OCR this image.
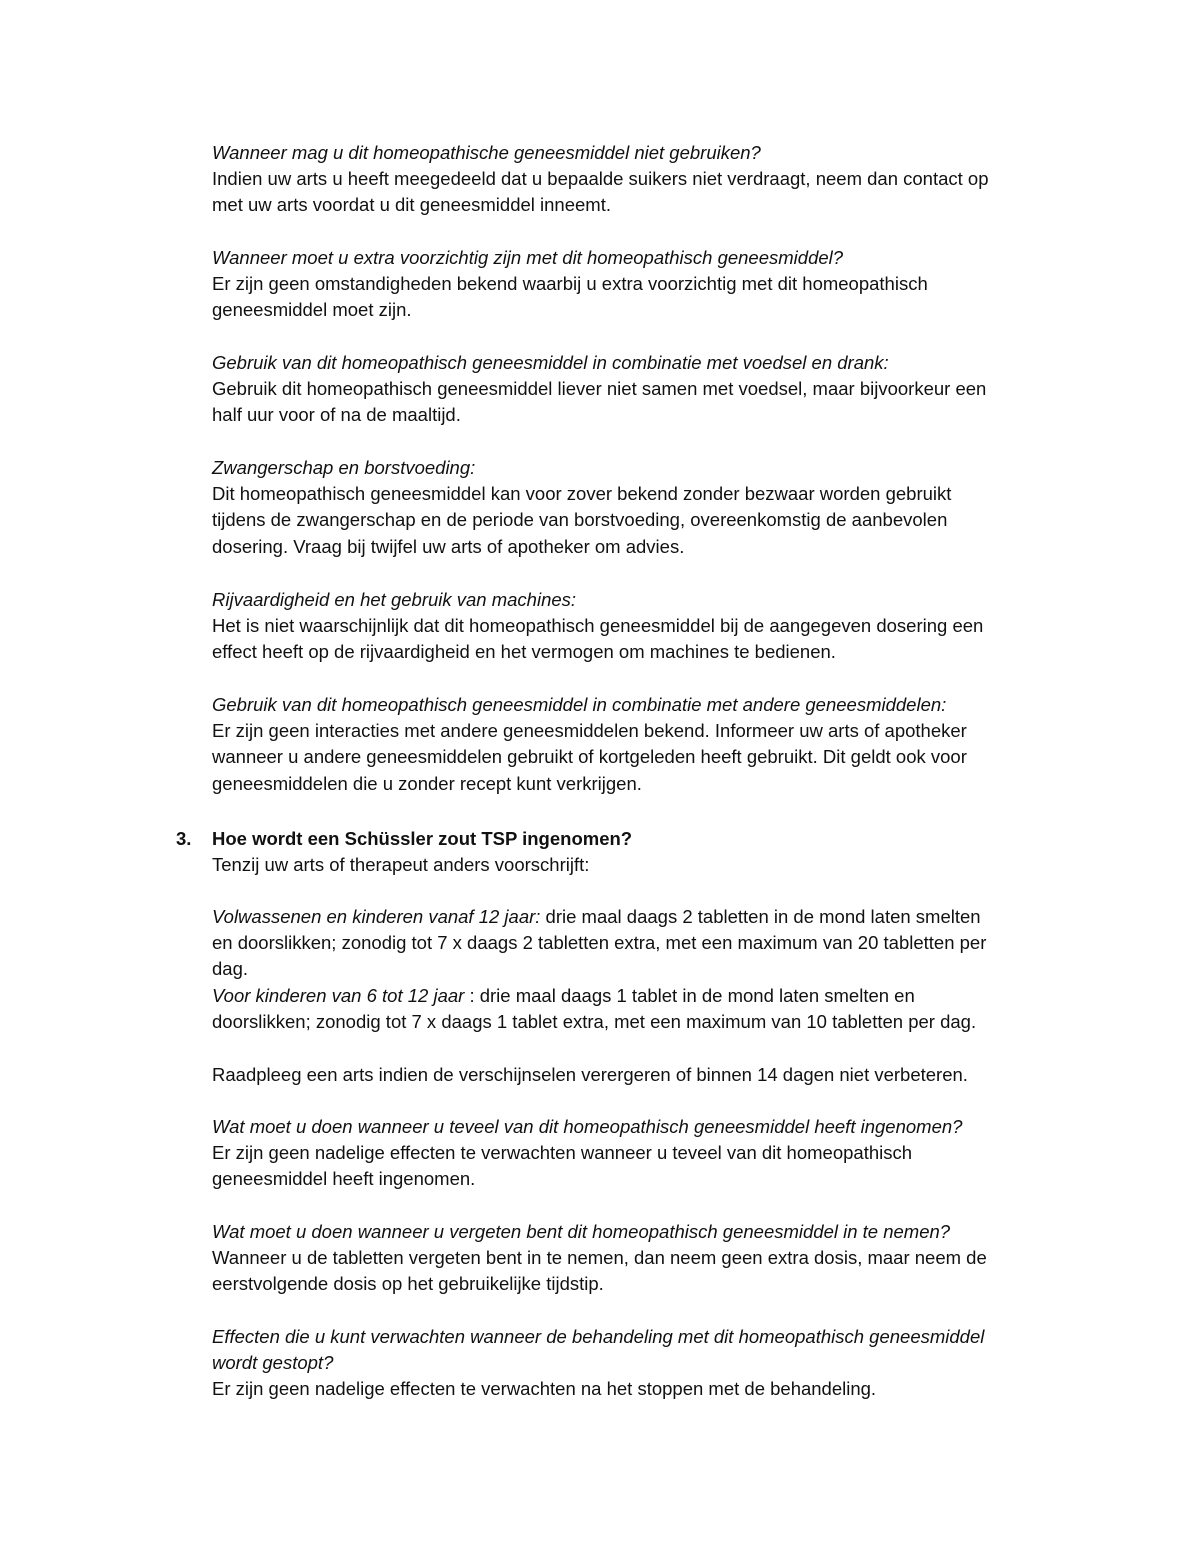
Wanneer mag u dit homeopathische geneesmiddel niet gebruiken?
Indien uw arts u heeft meegedeeld dat u bepaalde suikers niet verdraagt, neem dan contact op
met uw arts voordat u dit geneesmiddel inneemt.
Wanneer moet u extra voorzichtig zijn met dit homeopathisch geneesmiddel?
Er zijn geen omstandigheden bekend waarbij u extra voorzichtig met dit homeopathisch
geneesmiddel moet zijn.
Gebruik van dit homeopathisch geneesmiddel in combinatie met voedsel en drank:
Gebruik dit homeopathisch geneesmiddel liever niet samen met voedsel, maar bijvoorkeur een
half uur voor of na de maaltijd.
Zwangerschap en borstvoeding:
Dit homeopathisch geneesmiddel kan voor zover bekend zonder bezwaar worden gebruikt
tijdens de zwangerschap en de periode van borstvoeding, overeenkomstig de aanbevolen
dosering. Vraag bij twijfel uw arts of apotheker om advies.
Rijvaardigheid en het gebruik van machines:
Het is niet waarschijnlijk dat dit homeopathisch geneesmiddel bij de aangegeven dosering een
effect heeft op de rijvaardigheid en het vermogen om machines te bedienen.
Gebruik van dit homeopathisch geneesmiddel in combinatie met andere geneesmiddelen:
Er zijn geen interacties met andere geneesmiddelen bekend. Informeer uw arts of apotheker
wanneer u andere geneesmiddelen gebruikt of kortgeleden heeft gebruikt. Dit geldt ook voor
geneesmiddelen die u zonder recept kunt verkrijgen.
3. Hoe wordt een Schüssler zout TSP ingenomen?
Tenzij uw arts of therapeut anders voorschrijft:
Volwassenen en kinderen vanaf 12 jaar: drie maal daags 2 tabletten in de mond laten smelten
en doorslikken; zonodig tot 7 x daags 2 tabletten extra, met een maximum van 20 tabletten per
dag.
Voor kinderen van 6 tot 12 jaar : drie maal daags 1 tablet in de mond laten smelten en
doorslikken; zonodig tot 7 x daags 1 tablet extra, met een maximum van 10 tabletten per dag.
Raadpleeg een arts indien de verschijnselen verergeren of binnen 14 dagen niet verbeteren.
Wat moet u doen wanneer u teveel van dit homeopathisch geneesmiddel heeft ingenomen?
Er zijn geen nadelige effecten te verwachten wanneer u teveel van dit homeopathisch
geneesmiddel heeft ingenomen.
Wat moet u doen wanneer u vergeten bent dit homeopathisch geneesmiddel in te nemen?
Wanneer u de tabletten vergeten bent in te nemen, dan neem geen extra dosis, maar neem de
eerstvolgende dosis op het gebruikelijke tijdstip.
Effecten die u kunt verwachten wanneer de behandeling met dit homeopathisch geneesmiddel
wordt gestopt?
Er zijn geen nadelige effecten te verwachten na het stoppen met de behandeling.
